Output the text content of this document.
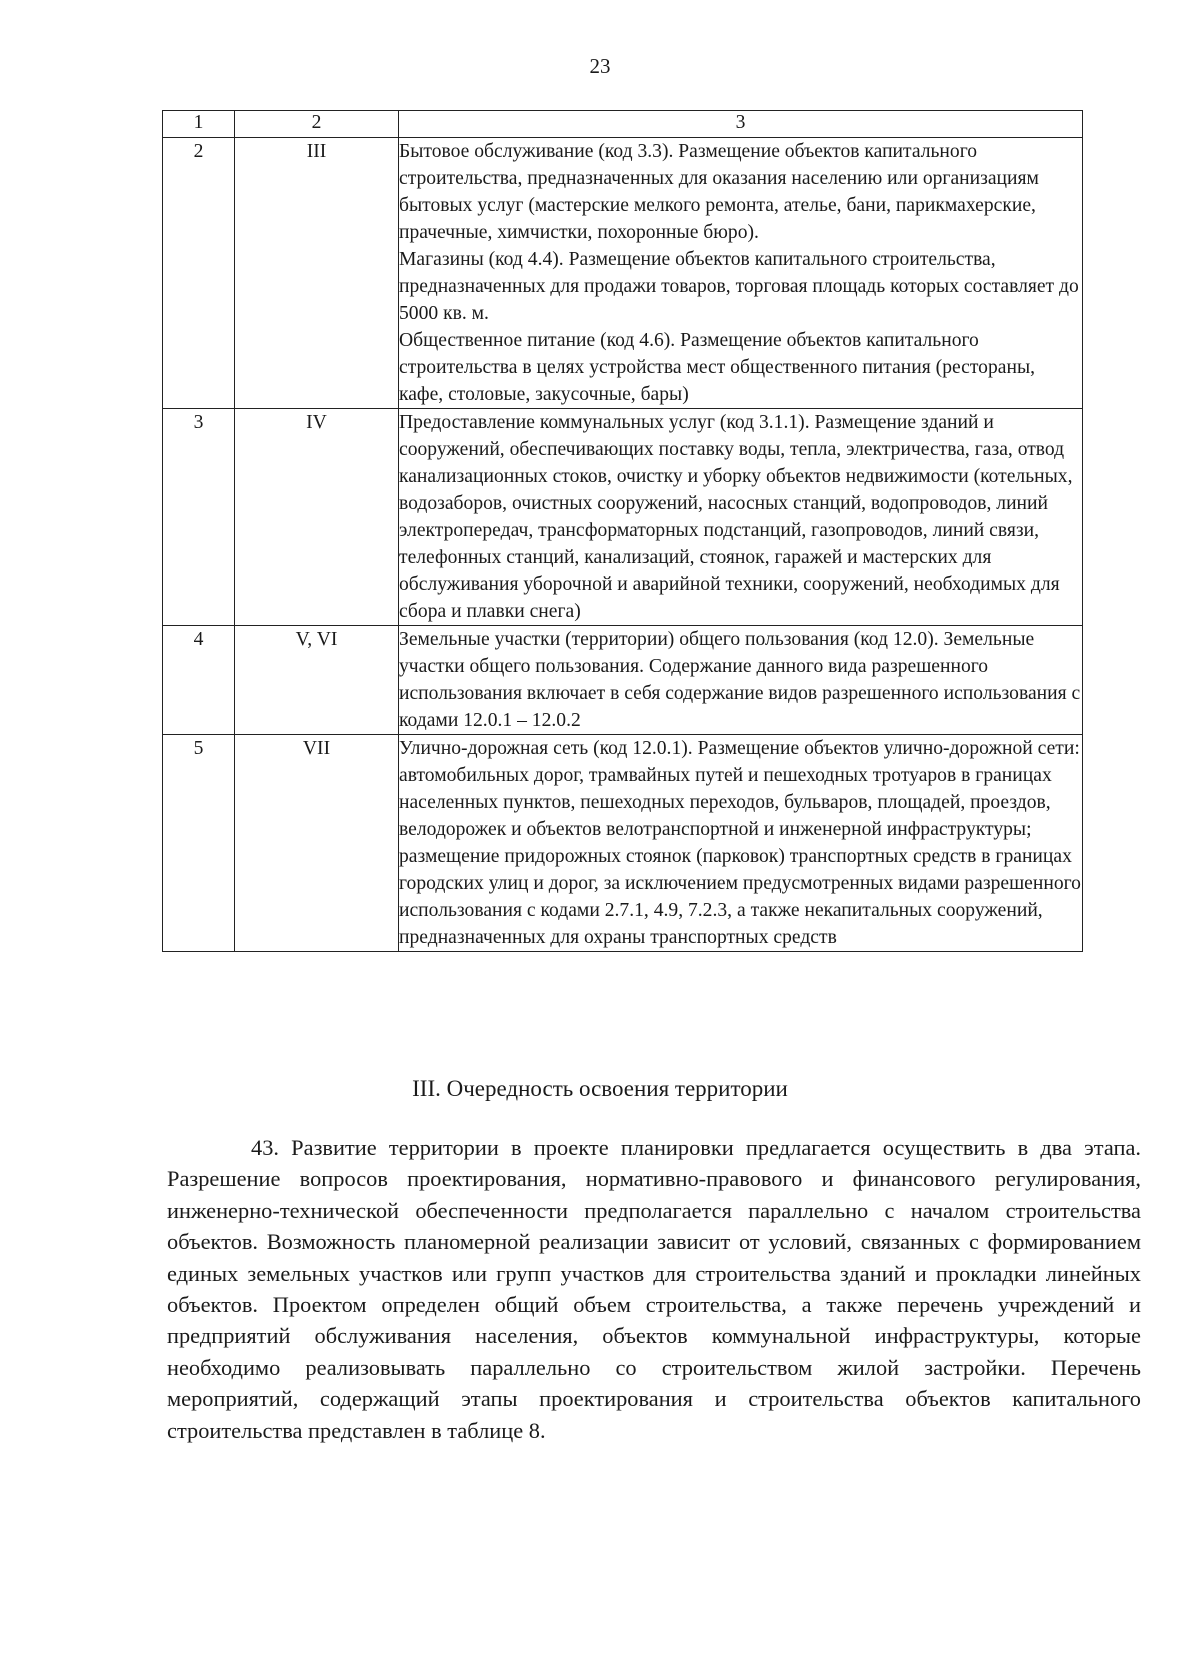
23
1	2	3
2	III	Бытовое обслуживание (код 3.3). Размещение объектов капитального строительства, предназначенных для оказания населению или организациям бытовых услуг (мастерские мелкого ремонта, ателье, бани, парикмахерские, прачечные, химчистки, похоронные бюро).

Магазины (код 4.4). Размещение объектов капитального строительства, предназначенных для продажи товаров, торговая площадь которых составляет до 5000 кв. м.

Общественное питание (код 4.6). Размещение объектов капитального строительства в целях устройства мест общественного питания (рестораны, кафе, столовые, закусочные, бары)

3	IV	Предоставление коммунальных услуг (код 3.1.1). Размещение зданий и сооружений, обеспечивающих поставку воды, тепла, электричества, газа, отвод канализационных стоков, очистку и уборку объектов недвижимости (котельных, водозаборов, очистных сооружений, насосных станций, водопроводов, линий электропередач, трансформаторных подстанций, газопроводов, линий связи, телефонных станций, канализаций, стоянок, гаражей и мастерских для обслуживания уборочной и аварийной техники, сооружений, необходимых для сбора и плавки снега)

4	V, VI	Земельные участки (территории) общего пользования (код 12.0). Земельные участки общего пользования. Содержание данного вида разрешенного использования включает в себя содержание видов разрешенного использования с кодами 12.0.1 – 12.0.2

5	VII	Улично-дорожная сеть (код 12.0.1). Размещение объектов улично-дорожной сети: автомобильных дорог, трамвайных путей и пешеходных тротуаров в границах населенных пунктов, пешеходных переходов, бульваров, площадей, проездов, велодорожек и объектов велотранспортной и инженерной инфраструктуры; размещение придорожных стоянок (парковок) транспортных средств в границах городских улиц и дорог, за исключением предусмотренных видами разрешенного использования с кодами 2.7.1, 4.9, 7.2.3, а также некапитальных сооружений, предназначенных для охраны транспортных средств

III. Очередность освоения территории

43. Развитие территории в проекте планировки предлагается осуществить в два этапа. Разрешение вопросов проектирования, нормативно-правового и финансового регулирования, инженерно-технической обеспеченности предполагается параллельно с началом строительства объектов. Возможность планомерной реализации зависит от условий, связанных с формированием единых земельных участков или групп участков для строительства зданий и прокладки линейных объектов. Проектом определен общий объем строительства, а также перечень учреждений и предприятий обслуживания населения, объектов коммунальной инфраструктуры, которые необходимо реализовывать параллельно со строительством жилой застройки. Перечень мероприятий, содержащий этапы проектирования и строительства объектов капитального строительства представлен в таблице 8.
